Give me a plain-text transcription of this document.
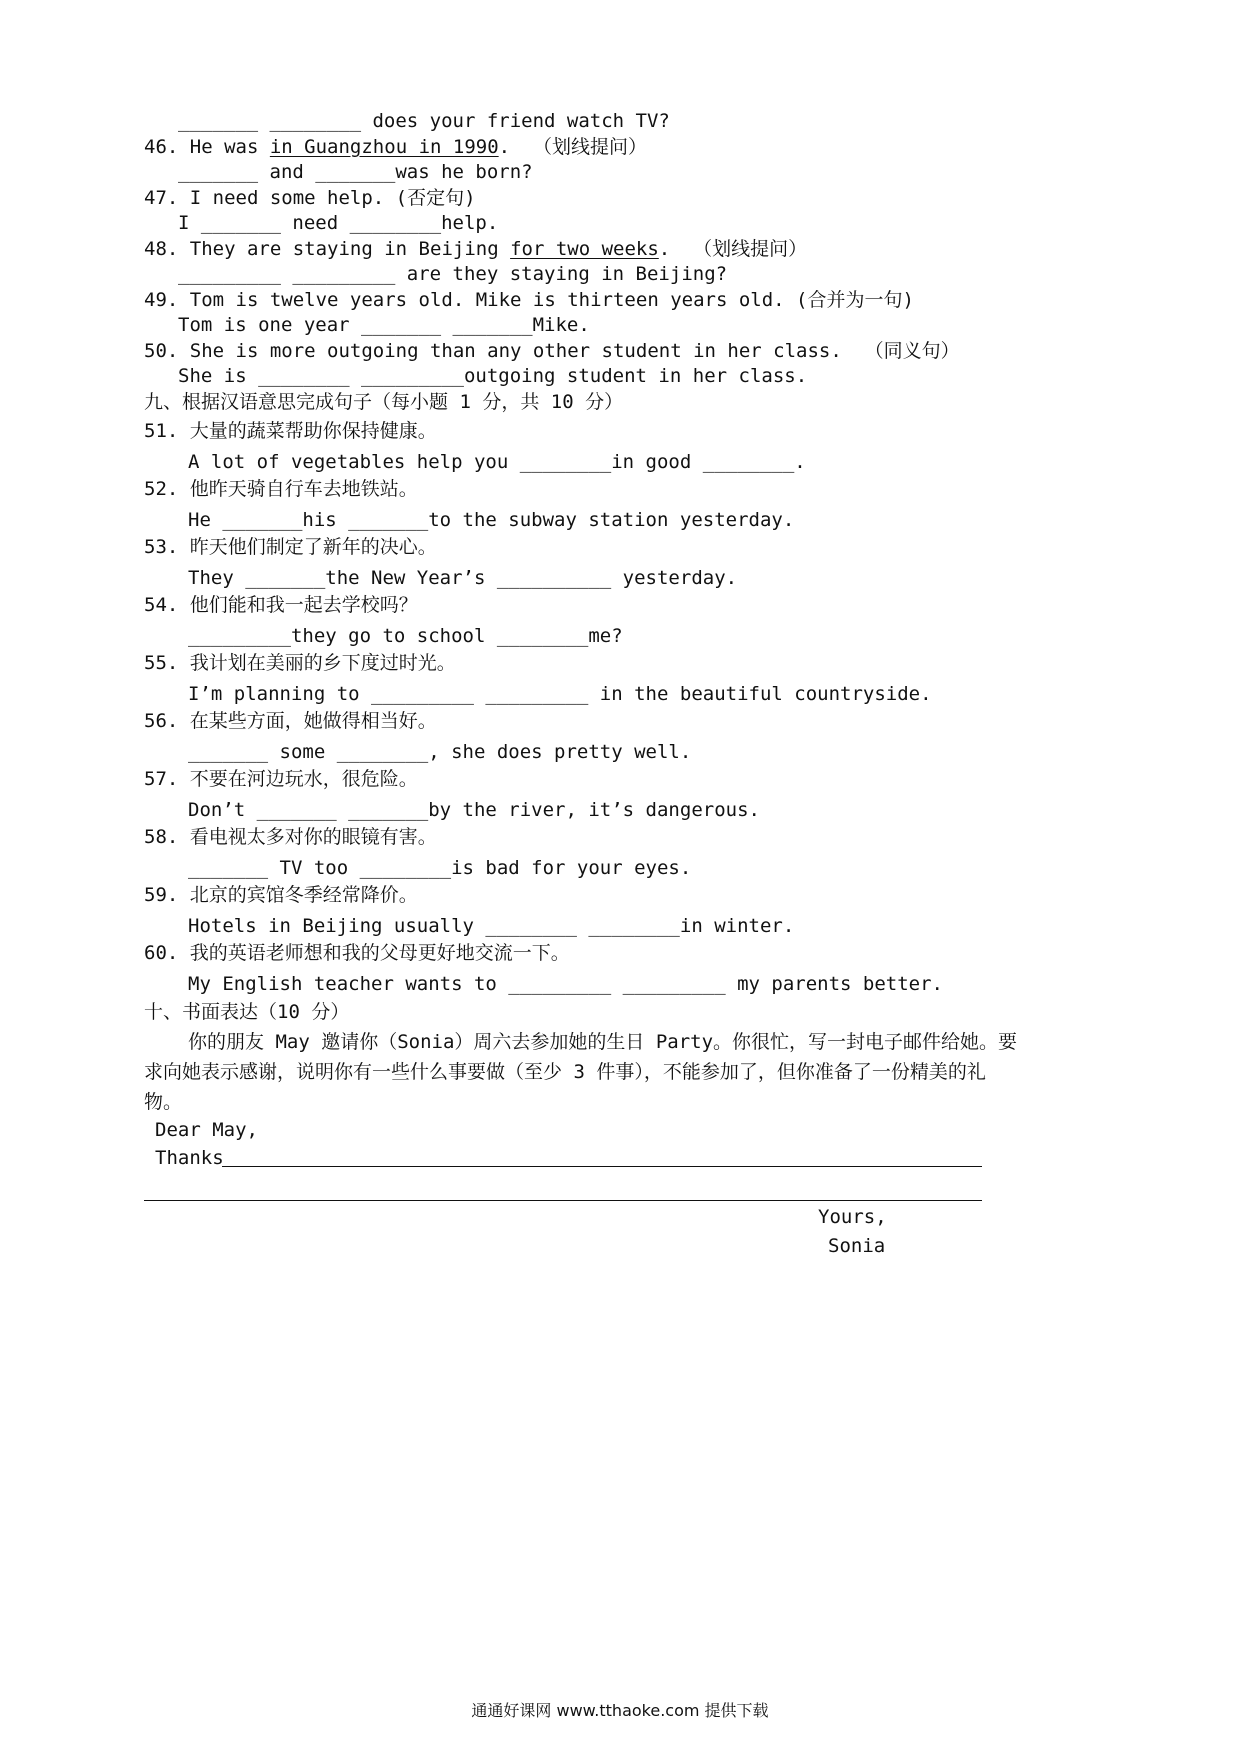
_______ ________ does your friend watch TV?
46. He was in Guangzhou in 1990.  （划线提问）
_______ and _______was he born?
47. I need some help. (否定句)
I _______ need ________help.
48. They are staying in Beijing for two weeks.  （划线提问）
_________ _________ are they staying in Beijing?
49. Tom is twelve years old. Mike is thirteen years old. (合并为一句)
Tom is one year _______ _______Mike.
50. She is more outgoing than any other student in her class.  （同义句）
She is ________ _________outgoing student in her class.
九、根据汉语意思完成句子（每小题 1 分，共 10 分）
51. 大量的蔬菜帮助你保持健康。
A lot of vegetables help you ________in good ________.
52. 他昨天骑自行车去地铁站。
He _______his _______to the subway station yesterday.
53. 昨天他们制定了新年的决心。
They _______the New Year’s __________ yesterday.
54. 他们能和我一起去学校吗？
_________they go to school ________me?
55. 我计划在美丽的乡下度过时光。
I’m planning to _________ _________ in the beautiful countryside.
56. 在某些方面，她做得相当好。
_______ some ________, she does pretty well.
57. 不要在河边玩水，很危险。
Don’t _______ _______by the river, it’s dangerous.
58. 看电视太多对你的眼镜有害。
_______ TV too ________is bad for your eyes.
59. 北京的宾馆冬季经常降价。
Hotels in Beijing usually ________ ________in winter.
60. 我的英语老师想和我的父母更好地交流一下。
My English teacher wants to _________ _________ my parents better.
十、书面表达（10 分）
你的朋友 May 邀请你（Sonia）周六去参加她的生日 Party。你很忙，写一封电子邮件给她。要
求向她表示感谢，说明你有一些什么事要做（至少 3 件事），不能参加了，但你准备了一份精美的礼
物。
Dear May,
Thanks
Yours,
Sonia
通通好课网 www.tthaoke.com 提供下载
